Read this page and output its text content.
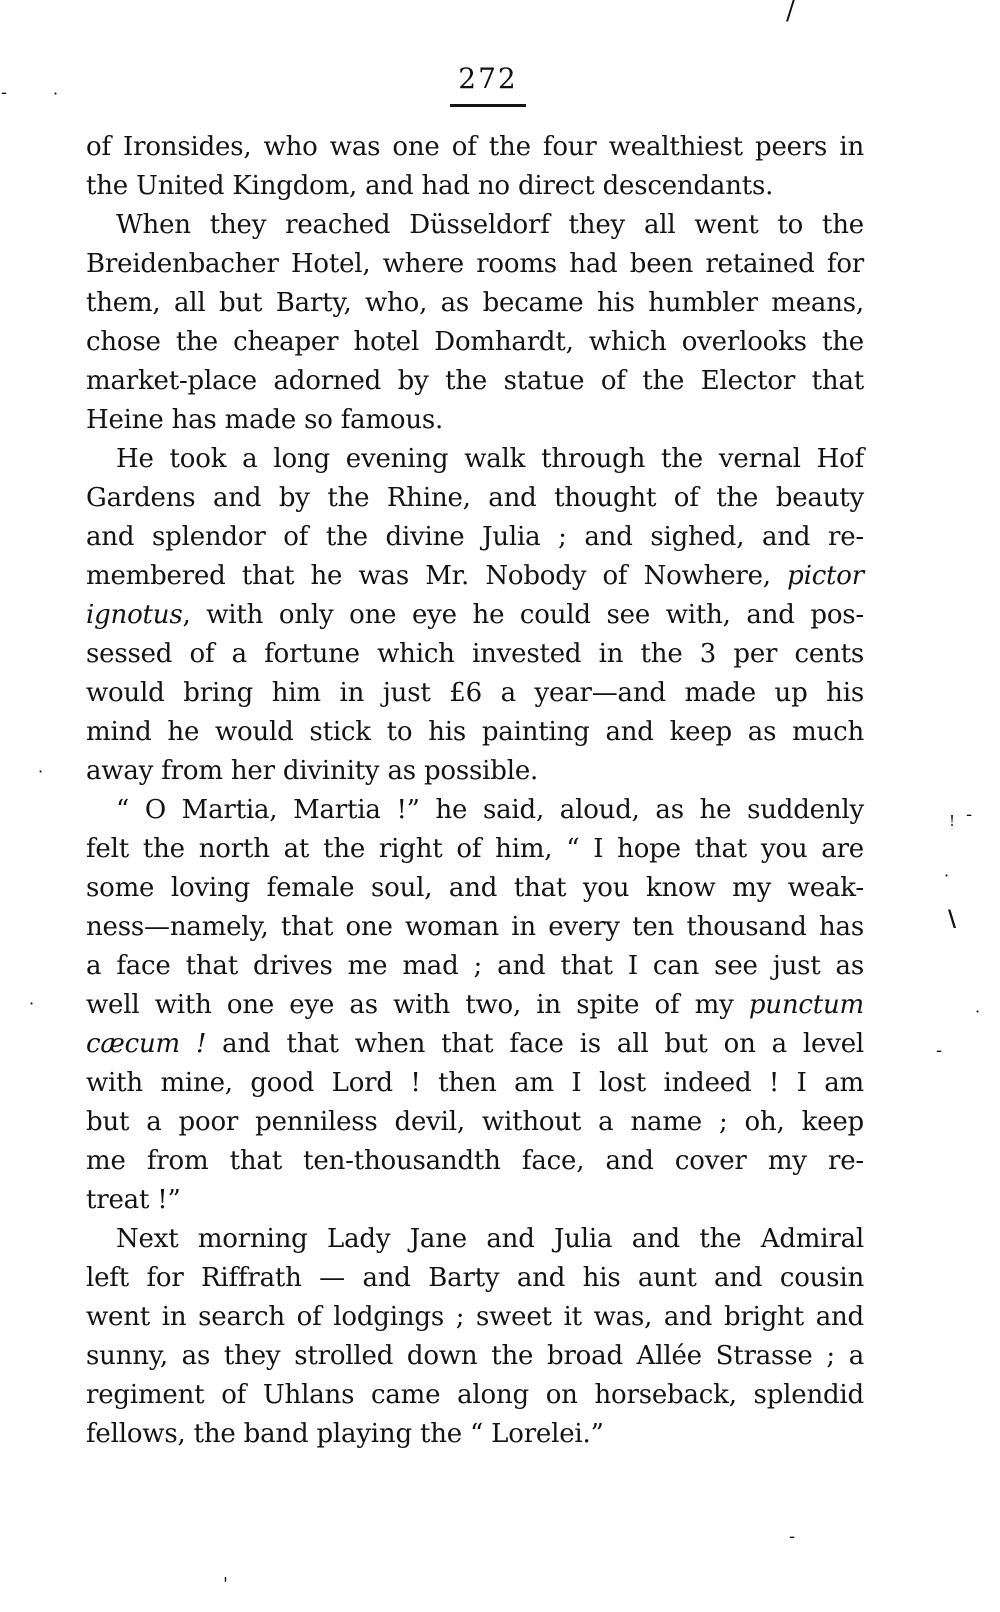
272
of Ironsides, who was one of the four wealthiest peers in
the United Kingdom, and had no direct descendants.
When they reached Düsseldorf they all went to the
Breidenbacher Hotel, where rooms had been retained for
them, all but Barty, who, as became his humbler means,
chose the cheaper hotel Domhardt, which overlooks the
market-place adorned by the statue of the Elector that
Heine has made so famous.
He took a long evening walk through the vernal Hof
Gardens and by the Rhine, and thought of the beauty
and splendor of the divine Julia ; and sighed, and re-
membered that he was Mr. Nobody of Nowhere, pictor
ignotus, with only one eye he could see with, and pos-
sessed of a fortune which invested in the 3 per cents
would bring him in just £6 a year—and made up his
mind he would stick to his painting and keep as much
away from her divinity as possible.
“ O Martia, Martia !” he said, aloud, as he suddenly
felt the north at the right of him, “ I hope that you are
some loving female soul, and that you know my weak-
ness—namely, that one woman in every ten thousand has
a face that drives me mad ; and that I can see just as
well with one eye as with two, in spite of my punctum
cæcum ! and that when that face is all but on a level
with mine, good Lord ! then am I lost indeed ! I am
but a poor penniless devil, without a name ; oh, keep
me from that ten-thousandth face, and cover my re-
treat !”
Next morning Lady Jane and Julia and the Admiral
left for Riffrath — and Barty and his aunt and cousin
went in search of lodgings ; sweet it was, and bright and
sunny, as they strolled down the broad Allée Strasse ; a
regiment of Uhlans came along on horseback, splendid
fellows, the band playing the “ Lorelei.”
/
-	·
·
-
!
·
\
·	·
-
-
'
